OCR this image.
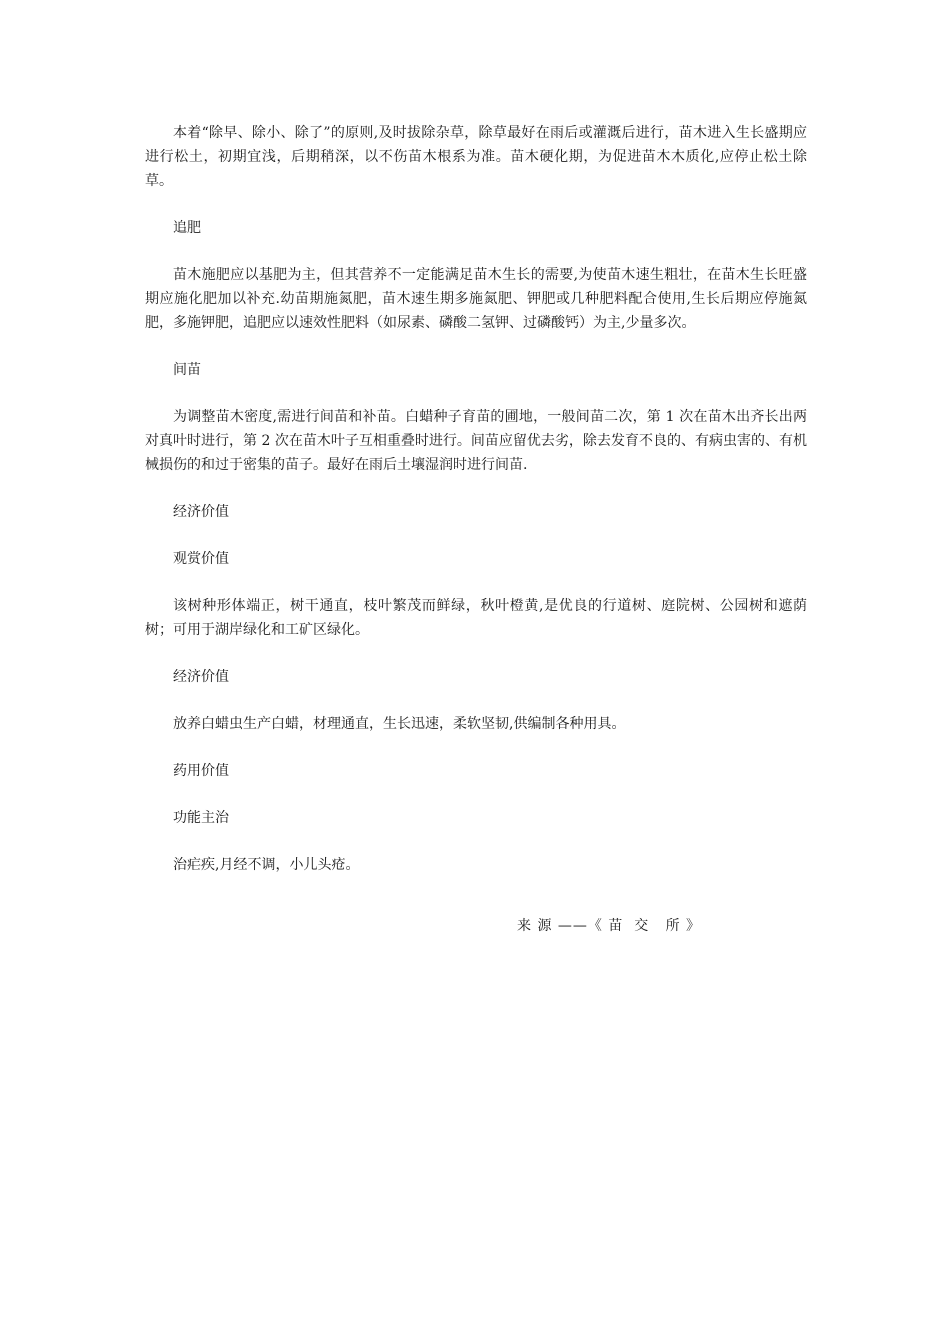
本着“除早、除小、除了”的原则,及时拔除杂草，除草最好在雨后或灌溉后进行，苗木进入生长盛期应进行松土，初期宜浅，后期稍深，以不伤苗木根系为准。苗木硬化期，为促进苗木木质化,应停止松土除草。

追肥

苗木施肥应以基肥为主，但其营养不一定能满足苗木生长的需要,为使苗木速生粗壮，在苗木生长旺盛期应施化肥加以补充.幼苗期施氮肥，苗木速生期多施氮肥、钾肥或几种肥料配合使用,生长后期应停施氮肥，多施钾肥，追肥应以速效性肥料（如尿素、磷酸二氢钾、过磷酸钙）为主,少量多次。

间苗

为调整苗木密度,需进行间苗和补苗。白蜡种子育苗的圃地，一般间苗二次，第 1 次在苗木出齐长出两对真叶时进行，第 2 次在苗木叶子互相重叠时进行。间苗应留优去劣，除去发育不良的、有病虫害的、有机械损伤的和过于密集的苗子。最好在雨后土壤湿润时进行间苗.

经济价值

观赏价值

该树种形体端正，树干通直，枝叶繁茂而鲜绿，秋叶橙黄,是优良的行道树、庭院树、公园树和遮荫树；可用于湖岸绿化和工矿区绿化。

经济价值

放养白蜡虫生产白蜡，材理通直，生长迅速，柔软坚韧,供编制各种用具。

药用价值

功能主治

治疟疾,月经不调，小儿头疮。

来 源 ——《 苗  交   所 》
